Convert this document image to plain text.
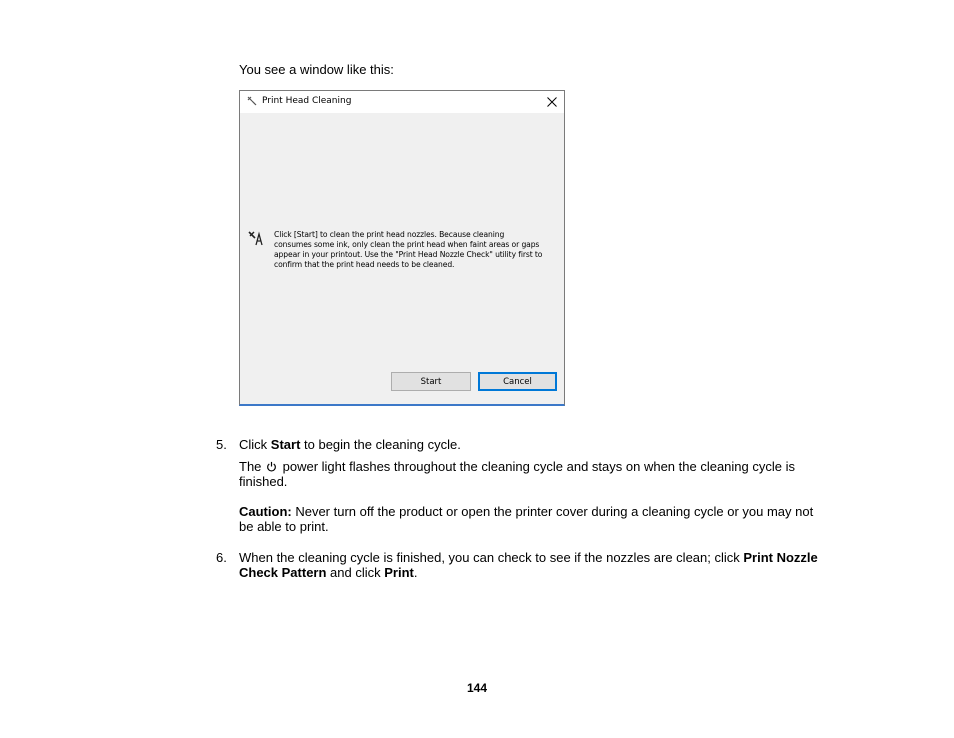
You see a window like this:

Print Head Cleaning
Click [Start] to clean the print head nozzles. Because cleaning consumes some ink, only clean the print head when faint areas or gaps appear in your printout. Use the "Print Head Nozzle Check" utility first to confirm that the print head needs to be cleaned.
Start	Cancel
5. Click Start to begin the cleaning cycle.

The  power light flashes throughout the cleaning cycle and stays on when the cleaning cycle is finished.

Caution: Never turn off the product or open the printer cover during a cleaning cycle or you may not be able to print.

6. When the cleaning cycle is finished, you can check to see if the nozzles are clean; click Print Nozzle Check Pattern and click Print.

144
